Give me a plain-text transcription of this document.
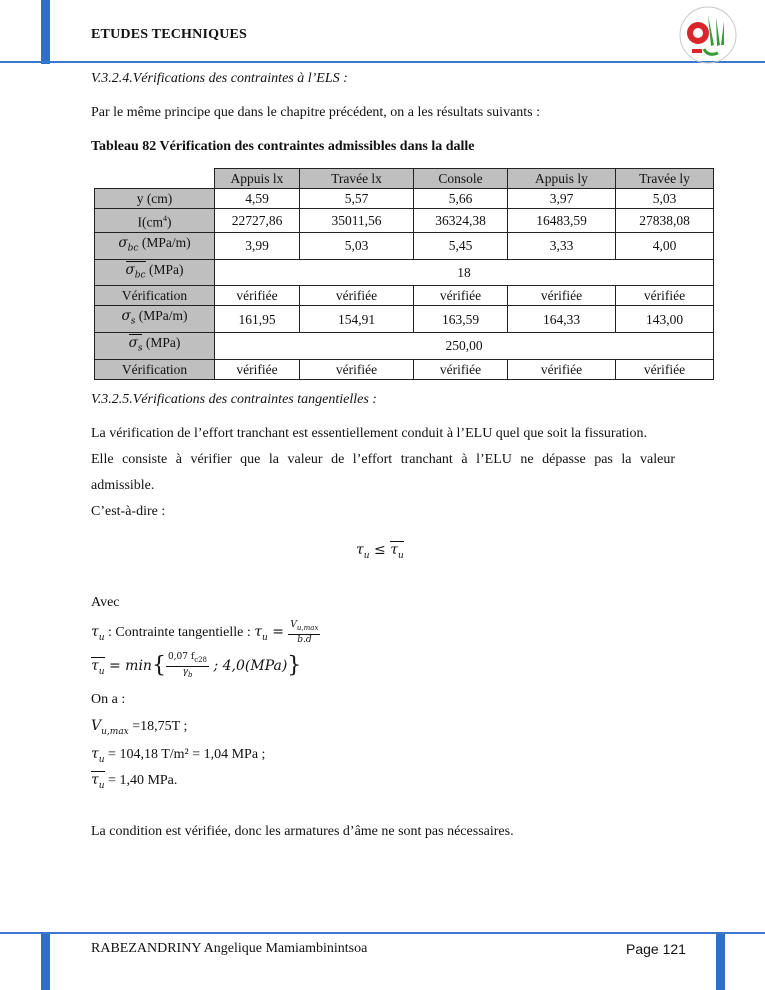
ETUDES TECHNIQUES
V.3.2.4.Vérifications des contraintes à l’ELS :
Par le même principe que dans le chapitre précédent, on a les résultats suivants :
Tableau 82 Vérification des contraintes admissibles dans la dalle
	Appuis lx	Travée lx	Console	Appuis ly	Travée ly
y (cm)	4,59	5,57	5,66	3,97	5,03
$I(cm^4)$	22727,86	35011,56	36324,38	16483,59	27838,08
$\sigma_{bc}$ (MPa/m)	3,99	5,03	5,45	3,33	4,00
$\sigma_{bc}$ (MPa)	18				
Vérification	vérifiée	vérifiée	vérifiée	vérifiée	vérifiée
$\sigma_s$ (MPa/m)	161,95	154,91	163,59	164,33	143,00
$\sigma_s$ (MPa)	250,00				
Vérification	vérifiée	vérifiée	vérifiée	vérifiée	vérifiée
V.3.2.5.Vérifications des contraintes tangentielles :
La vérification de l’effort tranchant est essentiellement conduit à l’ELU quel que soit la fissuration.
Elle consiste à vérifier que la valeur de l’effort tranchant à l’ELU ne dépasse pas la valeur
admissible.
C’est-à-dire :
$\tau_u \le \tau_u$
Avec
$\tau_u$ : Contrainte tangentielle : $\tau_u = \frac{V_{u,max}}{b.d}$
$\tau_u = \min\{ \frac{0,07 f_{c28}}{\gamma_b}$ ; 4,0(MPa)}
On a :
$V_{u,max} =18,75T$ ;
$\tau_u = 104,18$ T/m² = 1,04 MPa ;
$\tau_u = 1,40$ MPa.
La condition est vérifiée, donc les armatures d’âme ne sont pas nécessaires.
RABEZANDRINY Angelique Mamiambinintsoa	Page 121
